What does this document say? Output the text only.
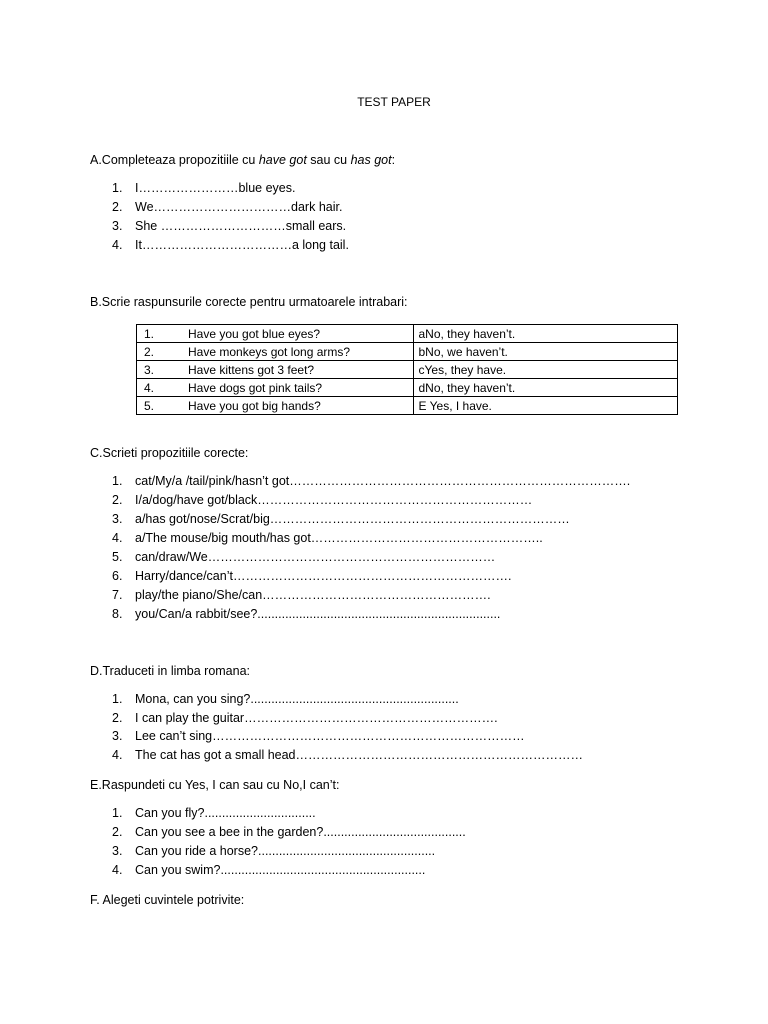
TEST PAPER
A.Completeaza propozitiile cu have got sau cu has got:
1. I……………………blue eyes.
2. We……………………………dark hair.
3. She …………………………small ears.
4. It………………………………a long tail.
B.Scrie raspunsurile corecte pentru urmatoarele intrabari:
1. Have you got blue eyes?	aNo, they haven’t.
2. Have monkeys got long arms?	bNo, we haven’t.
3. Have kittens got 3 feet?	cYes, they have.
4. Have dogs got pink tails?	dNo, they haven’t.
5. Have you got big hands?	E Yes, I have.
C.Scrieti propozitiile corecte:
1. cat/My/a /tail/pink/hasn’t got……………………………………………………………………….
2. I/a/dog/have got/black…………………………………………………………
3. a/has got/nose/Scrat/big………………………………………………………………
4. a/The mouse/big mouth/has got………………………………………………..
5. can/draw/We……………………………………………………………
6. Harry/dance/can’t………………………………………………………….
7. play/the piano/She/can……………………………………………….
8. you/Can/a rabbit/see?......................................................................
D.Traduceti in limba romana:
1. Mona, can you sing?............................................................
2. I can play the guitar…………………………………………………….
3. Lee can’t sing…………………………………………………………………
4. The cat has got a small head……………………………………………………………
E.Raspundeti cu Yes, I can sau cu No,I can’t:
1. Can you fly?................................
2. Can you see a bee in the garden?.........................................
3. Can you ride a horse?...................................................
4. Can you swim?...........................................................
F. Alegeti cuvintele potrivite:
